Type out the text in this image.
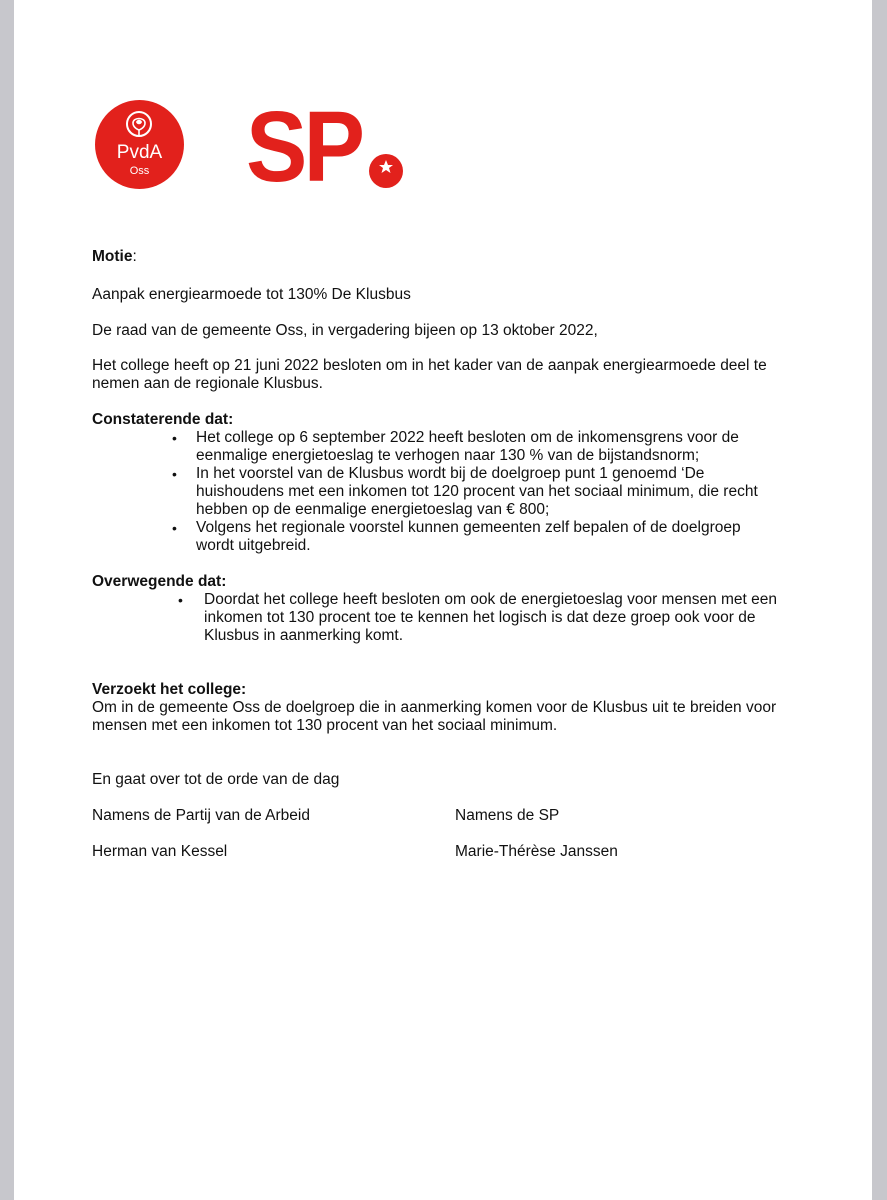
PvdA
Oss SP

Motie:

Aanpak energiearmoede tot 130% De Klusbus

De raad van de gemeente Oss, in vergadering bijeen op 13 oktober 2022,

Het college heeft op 21 juni 2022 besloten om in het kader van de aanpak energiearmoede deel te

nemen aan de regionale Klusbus.

Constaterende dat:

• Het college op 6 september 2022 heeft besloten om de inkomensgrens voor de

eenmalige energietoeslag te verhogen naar 130 % van de bijstandsnorm;

• In het voorstel van de Klusbus wordt bij de doelgroep punt 1 genoemd ‘De

huishoudens met een inkomen tot 120 procent van het sociaal minimum, die recht

hebben op de eenmalige energietoeslag van € 800;

• Volgens het regionale voorstel kunnen gemeenten zelf bepalen of de doelgroep

wordt uitgebreid.

Overwegende dat:

• Doordat het college heeft besloten om ook de energietoeslag voor mensen met een

inkomen tot 130 procent toe te kennen het logisch is dat deze groep ook voor de

Klusbus in aanmerking komt.

Verzoekt het college:

Om in de gemeente Oss de doelgroep die in aanmerking komen voor de Klusbus uit te breiden voor

mensen met een inkomen tot 130 procent van het sociaal minimum.

En gaat over tot de orde van de dag

Namens de Partij van de Arbeid	Namens de SP
Herman van Kessel	Marie-Thérèse Janssen
